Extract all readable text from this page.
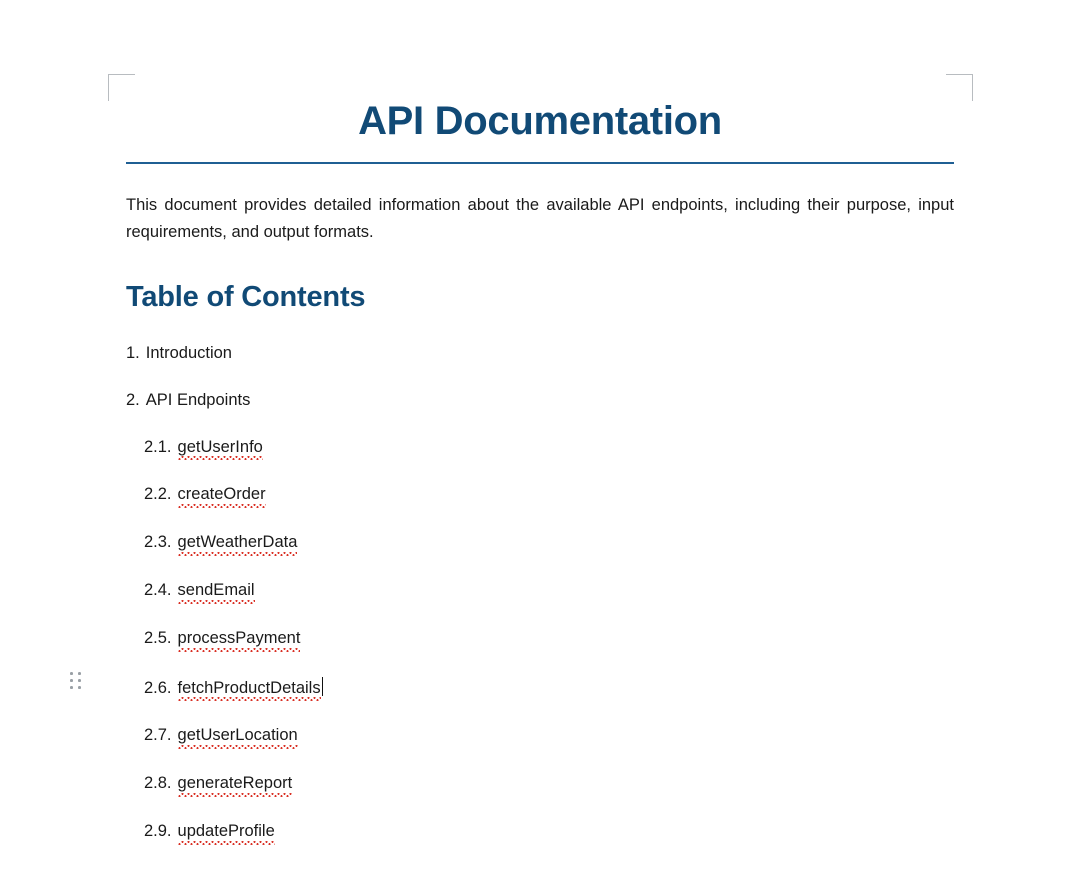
API Documentation

This document provides detailed information about the available API endpoints, including their purpose, input requirements, and output formats.

Table of Contents
1. Introduction
2. API Endpoints
2.1. getUserInfo
2.2. createOrder
2.3. getWeatherData
2.4. sendEmail
2.5. processPayment
2.6. fetchProductDetails
2.7. getUserLocation
2.8. generateReport
2.9. updateProfile
